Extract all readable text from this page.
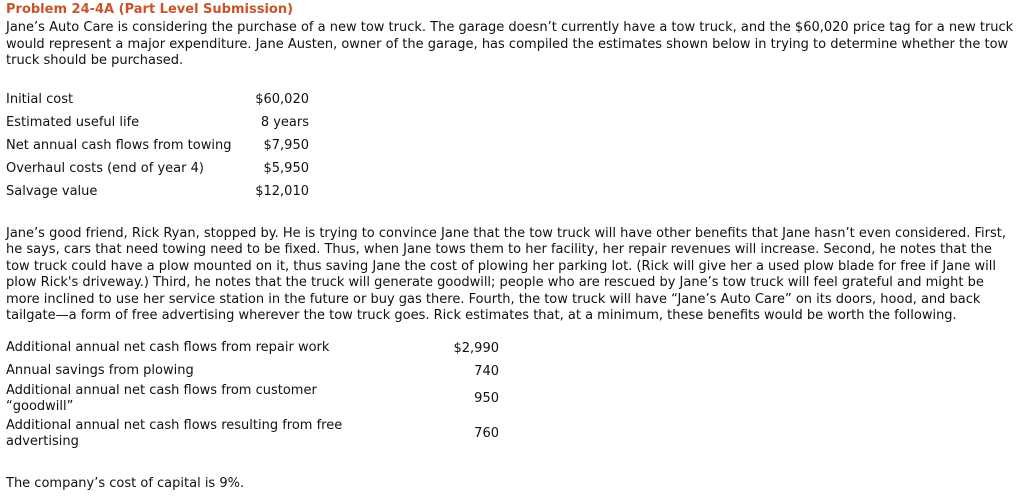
Problem 24-4A (Part Level Submission)

Jane’s Auto Care is considering the purchase of a new tow truck. The garage doesn’t currently have a tow truck, and the $60,020 price tag for a new truck would represent a major expenditure. Jane Austen, owner of the garage, has compiled the estimates shown below in trying to determine whether the tow truck should be purchased.

Initial cost	$60,020
Estimated useful life	8 years
Net annual cash flows from towing	$7,950
Overhaul costs (end of year 4)	$5,950
Salvage value	$12,010

Jane’s good friend, Rick Ryan, stopped by. He is trying to convince Jane that the tow truck will have other benefits that Jane hasn’t even considered. First, he says, cars that need towing need to be fixed. Thus, when Jane tows them to her facility, her repair revenues will increase. Second, he notes that the tow truck could have a plow mounted on it, thus saving Jane the cost of plowing her parking lot. (Rick will give her a used plow blade for free if Jane will plow Rick's driveway.) Third, he notes that the truck will generate goodwill; people who are rescued by Jane’s tow truck will feel grateful and might be more inclined to use her service station in the future or buy gas there. Fourth, the tow truck will have “Jane’s Auto Care” on its doors, hood, and back tailgate—a form of free advertising wherever the tow truck goes. Rick estimates that, at a minimum, these benefits would be worth the following.

Additional annual net cash flows from repair work	$2,990
Annual savings from plowing	740
Additional annual net cash flows from customer “goodwill”	950
Additional annual net cash flows resulting from free advertising	760

The company’s cost of capital is 9%.
